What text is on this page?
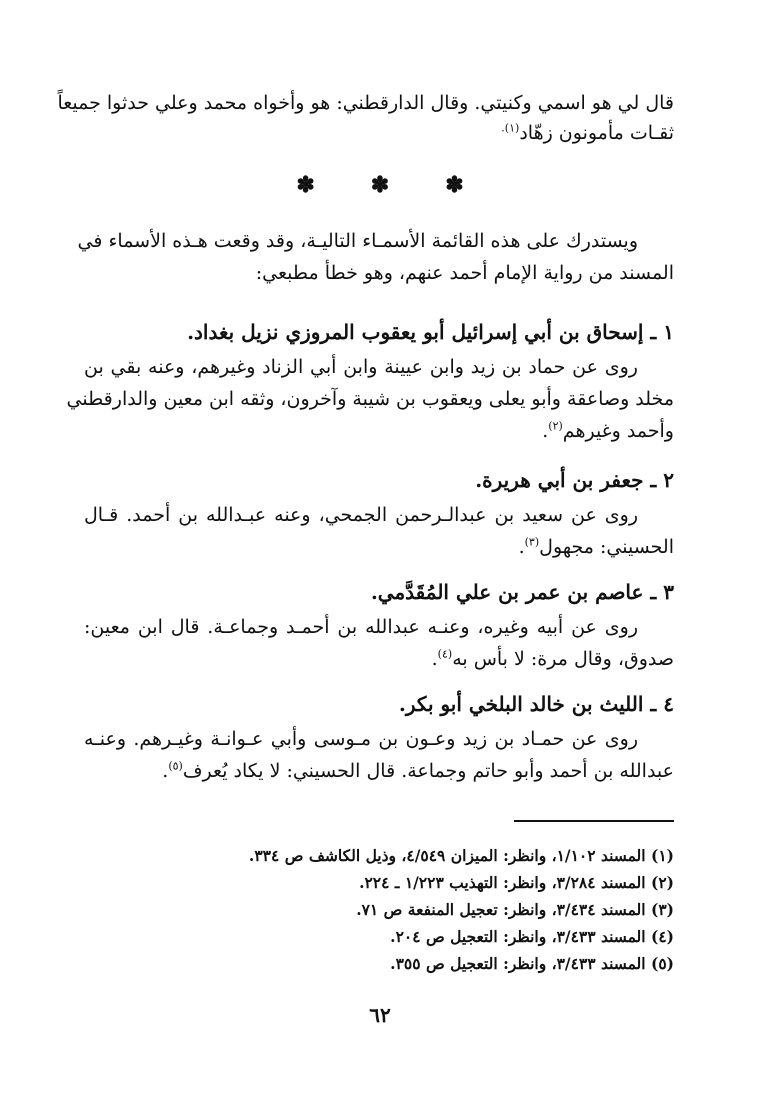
قال لي هو اسمي وكنيتي. وقال الدارقطني: هو وأخواه محمد وعلي حدثوا جميعاً
ثقـات مأمونون زهّاد$^{(١).}$
✽	✽	✽
ويستدرك على هذه القائمة الأسمـاء التاليـة، وقد وقعت هـذه الأسماء في
المسند من رواية الإمام أحمد عنهم، وهو خطأ مطبعي:
١ ـ إسحاق بن أبي إسرائيل أبو يعقوب المروزي نزيل بغداد.
روى عن حماد بن زيد وابن عيينة وابن أبي الزناد وغيرهم، وعنه بقي بن
مخلد وصاعقة وأبو يعلى ويعقوب بن شيبة وآخرون، وثقه ابن معين والدارقطني
وأحمد وغيرهم$^{(٢)}$.
٢ ـ جعفر بن أبي هريرة.
روى عن سعيد بن عبدالـرحمن الجمحي، وعنه عبـدالله بن أحمد. قـال
الحسيني: مجهول$^{(٣)}$.
٣ ـ عاصم بن عمر بن علي المُقَدَّمي.
روى عن أبيه وغيره، وعنـه عبدالله بن أحمـد وجماعـة. قال ابن معين:
صدوق، وقال مرة: لا بأس به$^{(٤)}$.
٤ ـ الليث بن خالد البلخي أبو بكر.
روى عن حمـاد بن زيد وعـون بن مـوسى وأبي عـوانـة وغيـرهم. وعنـه
عبدالله بن أحمد وأبو حاتم وجماعة. قال الحسيني: لا يكاد يُعرف$^{(٥)}$.
(١) المسند ١/١٠٢، وانظر: الميزان ٤/٥٤٩، وذيل الكاشف ص ٣٣٤.
(٢) المسند ٣/٢٨٤، وانظر: التهذيب ١/٢٢٣ ـ ٢٢٤.
(٣) المسند ٣/٤٣٤، وانظر: تعجيل المنفعة ص ٧١.
(٤) المسند ٣/٤٣٣، وانظر: التعجيل ص ٢٠٤.
(٥) المسند ٣/٤٣٣، وانظر: التعجيل ص ٣٥٥.
٦٢
